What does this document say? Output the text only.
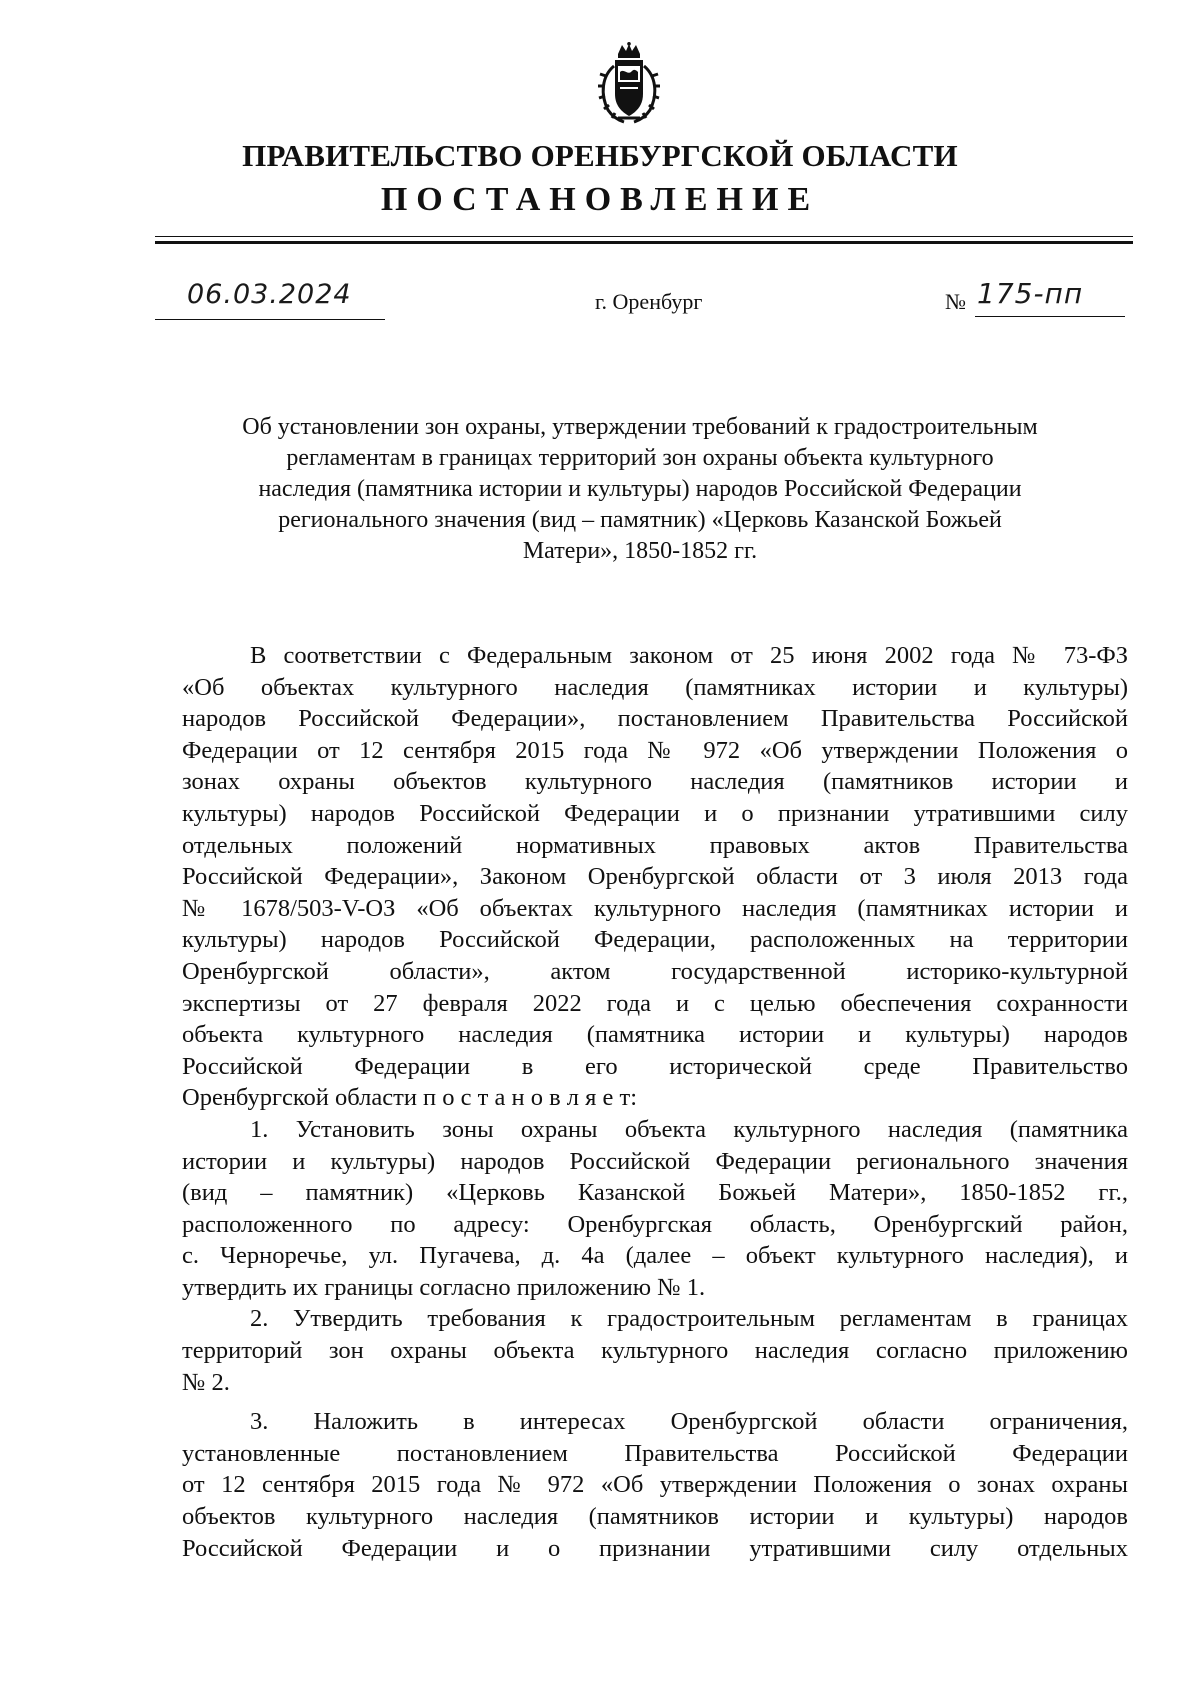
ПРАВИТЕЛЬСТВО ОРЕНБУРГСКОЙ ОБЛАСТИ
ПОСТАНОВЛЕНИЕ
06.03.2024	г. Оренбург	№ 175-пп
Об установлении зон охраны, утверждении требований к градостроительным
регламентам в границах территорий зон охраны объекта культурного
наследия (памятника истории и культуры) народов Российской Федерации
регионального значения (вид – памятник) «Церковь Казанской Божьей
Матери», 1850-1852 гг.
В соответствии с Федеральным законом от 25 июня 2002 года № 73-ФЗ
«Об объектах культурного наследия (памятниках истории и культуры)
народов Российской Федерации», постановлением Правительства Российской
Федерации от 12 сентября 2015 года № 972 «Об утверждении Положения о
зонах охраны объектов культурного наследия (памятников истории и
культуры) народов Российской Федерации и о признании утратившими силу
отдельных положений нормативных правовых актов Правительства
Российской Федерации», Законом Оренбургской области от 3 июля 2013 года
№ 1678/503-V-ОЗ «Об объектах культурного наследия (памятниках истории и
культуры) народов Российской Федерации, расположенных на территории
Оренбургской области», актом государственной историко-культурной
экспертизы от 27 февраля 2022 года и с целью обеспечения сохранности
объекта культурного наследия (памятника истории и культуры) народов
Российской Федерации в его исторической среде Правительство
Оренбургской области п о с т а н о в л я е т:
1. Установить зоны охраны объекта культурного наследия (памятника
истории и культуры) народов Российской Федерации регионального значения
(вид – памятник) «Церковь Казанской Божьей Матери», 1850-1852 гг.,
расположенного по адресу: Оренбургская область, Оренбургский район,
с. Черноречье, ул. Пугачева, д. 4а (далее – объект культурного наследия), и
утвердить их границы согласно приложению № 1.
2. Утвердить требования к градостроительным регламентам в границах
территорий зон охраны объекта культурного наследия согласно приложению
№ 2.
3. Наложить в интересах Оренбургской области ограничения,
установленные постановлением Правительства Российской Федерации
от 12 сентября 2015 года № 972 «Об утверждении Положения о зонах охраны
объектов культурного наследия (памятников истории и культуры) народов
Российской Федерации и о признании утратившими силу отдельных
